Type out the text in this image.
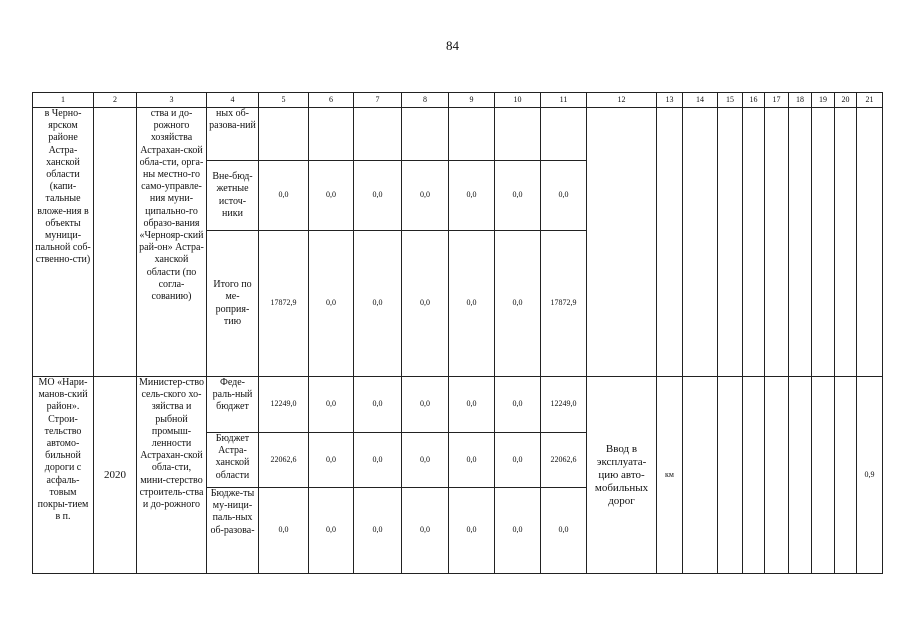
84
1	2	3	4	5	6	7	8	9	10	11	12	13	14	15	16	17	18	19	20	21
в Черно-ярском районе Астра-ханской области (капи-тальные вложе-ния в объекты муници-пальной соб-ственно-сти)		ства и до-рожного хозяйства Астрахан-ской обла-сти, орга-ны местно-го само-управле-ния муни-ципально-го образо-вания «Чернояр-ский рай-он» Астра-ханской области (по согла-сованию)	ных об-разова-ний																	
			Вне-бюд-жетные источ-ники	0,0	0,0	0,0	0,0	0,0	0,0	0,0										
			Итого по ме-роприя-тию	17872,9	0,0	0,0	0,0	0,0	0,0	17872,9										
МО «Нари-манов-ский район». Строи-тельство автомо-бильной дороги с асфаль-товым покры-тием в п.	2020	Министер-ство сель-ского хо-зяйства и рыбной промыш-ленности Астрахан-ской обла-сти, мини-стерство строитель-ства и до-рожного	Феде-раль-ный бюджет	12249,0	0,0	0,0	0,0	0,0	0,0	12249,0	Ввод в эксплуата-цию авто-мобильных дорог	км								0,9
			Бюджет Астра-ханской области	22062,6	0,0	0,0	0,0	0,0	0,0	22062,6										
			Бюдже-ты му-ници-паль-ных об-разова-	0,0	0,0	0,0	0,0	0,0	0,0	0,0										
